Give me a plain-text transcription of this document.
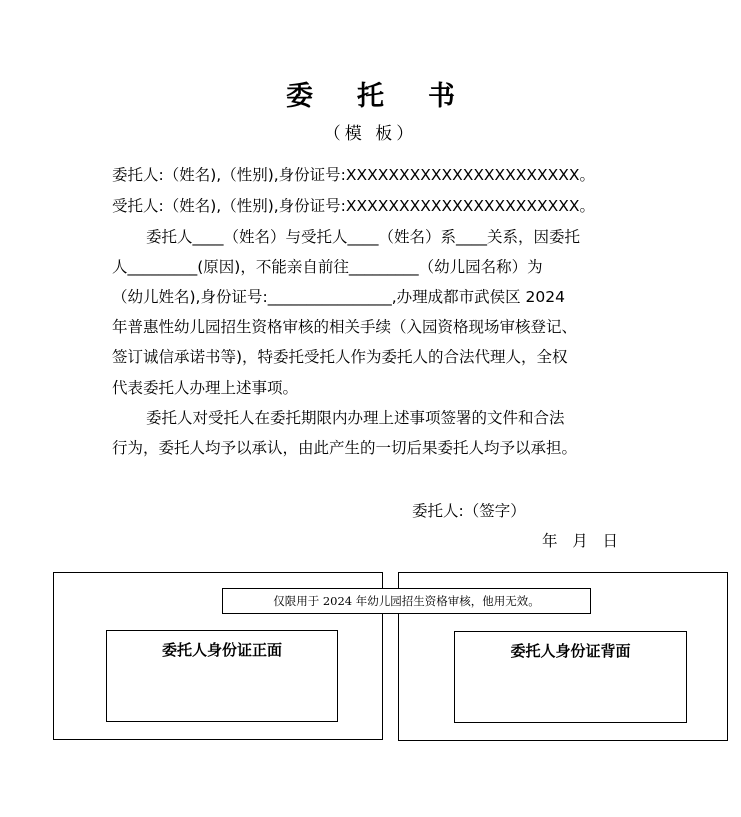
委托书
（模 板）
委托人:（姓名),（性别),身份证号:XXXXXXXXXXXXXXXXXXXXXX。
受托人:（姓名),（性别),身份证号:XXXXXXXXXXXXXXXXXXXXXX。
委托人____（姓名）与受托人____（姓名）系____关系，因委托
人_________(原因)，不能亲自前往_________（幼儿园名称）为
（幼儿姓名),身份证号:________________,办理成都市武侯区 2024
年普惠性幼儿园招生资格审核的相关手续（入园资格现场审核登记、
签订诚信承诺书等)，特委托受托人作为委托人的合法代理人，全权
代表委托人办理上述事项。
委托人对受托人在委托期限内办理上述事项签署的文件和合法
行为，委托人均予以承认，由此产生的一切后果委托人均予以承担。
委托人:（签字）
年   月   日
委托人身份证正面	委托人身份证背面
仅限用于 2024 年幼儿园招生资格审核，他用无效。
